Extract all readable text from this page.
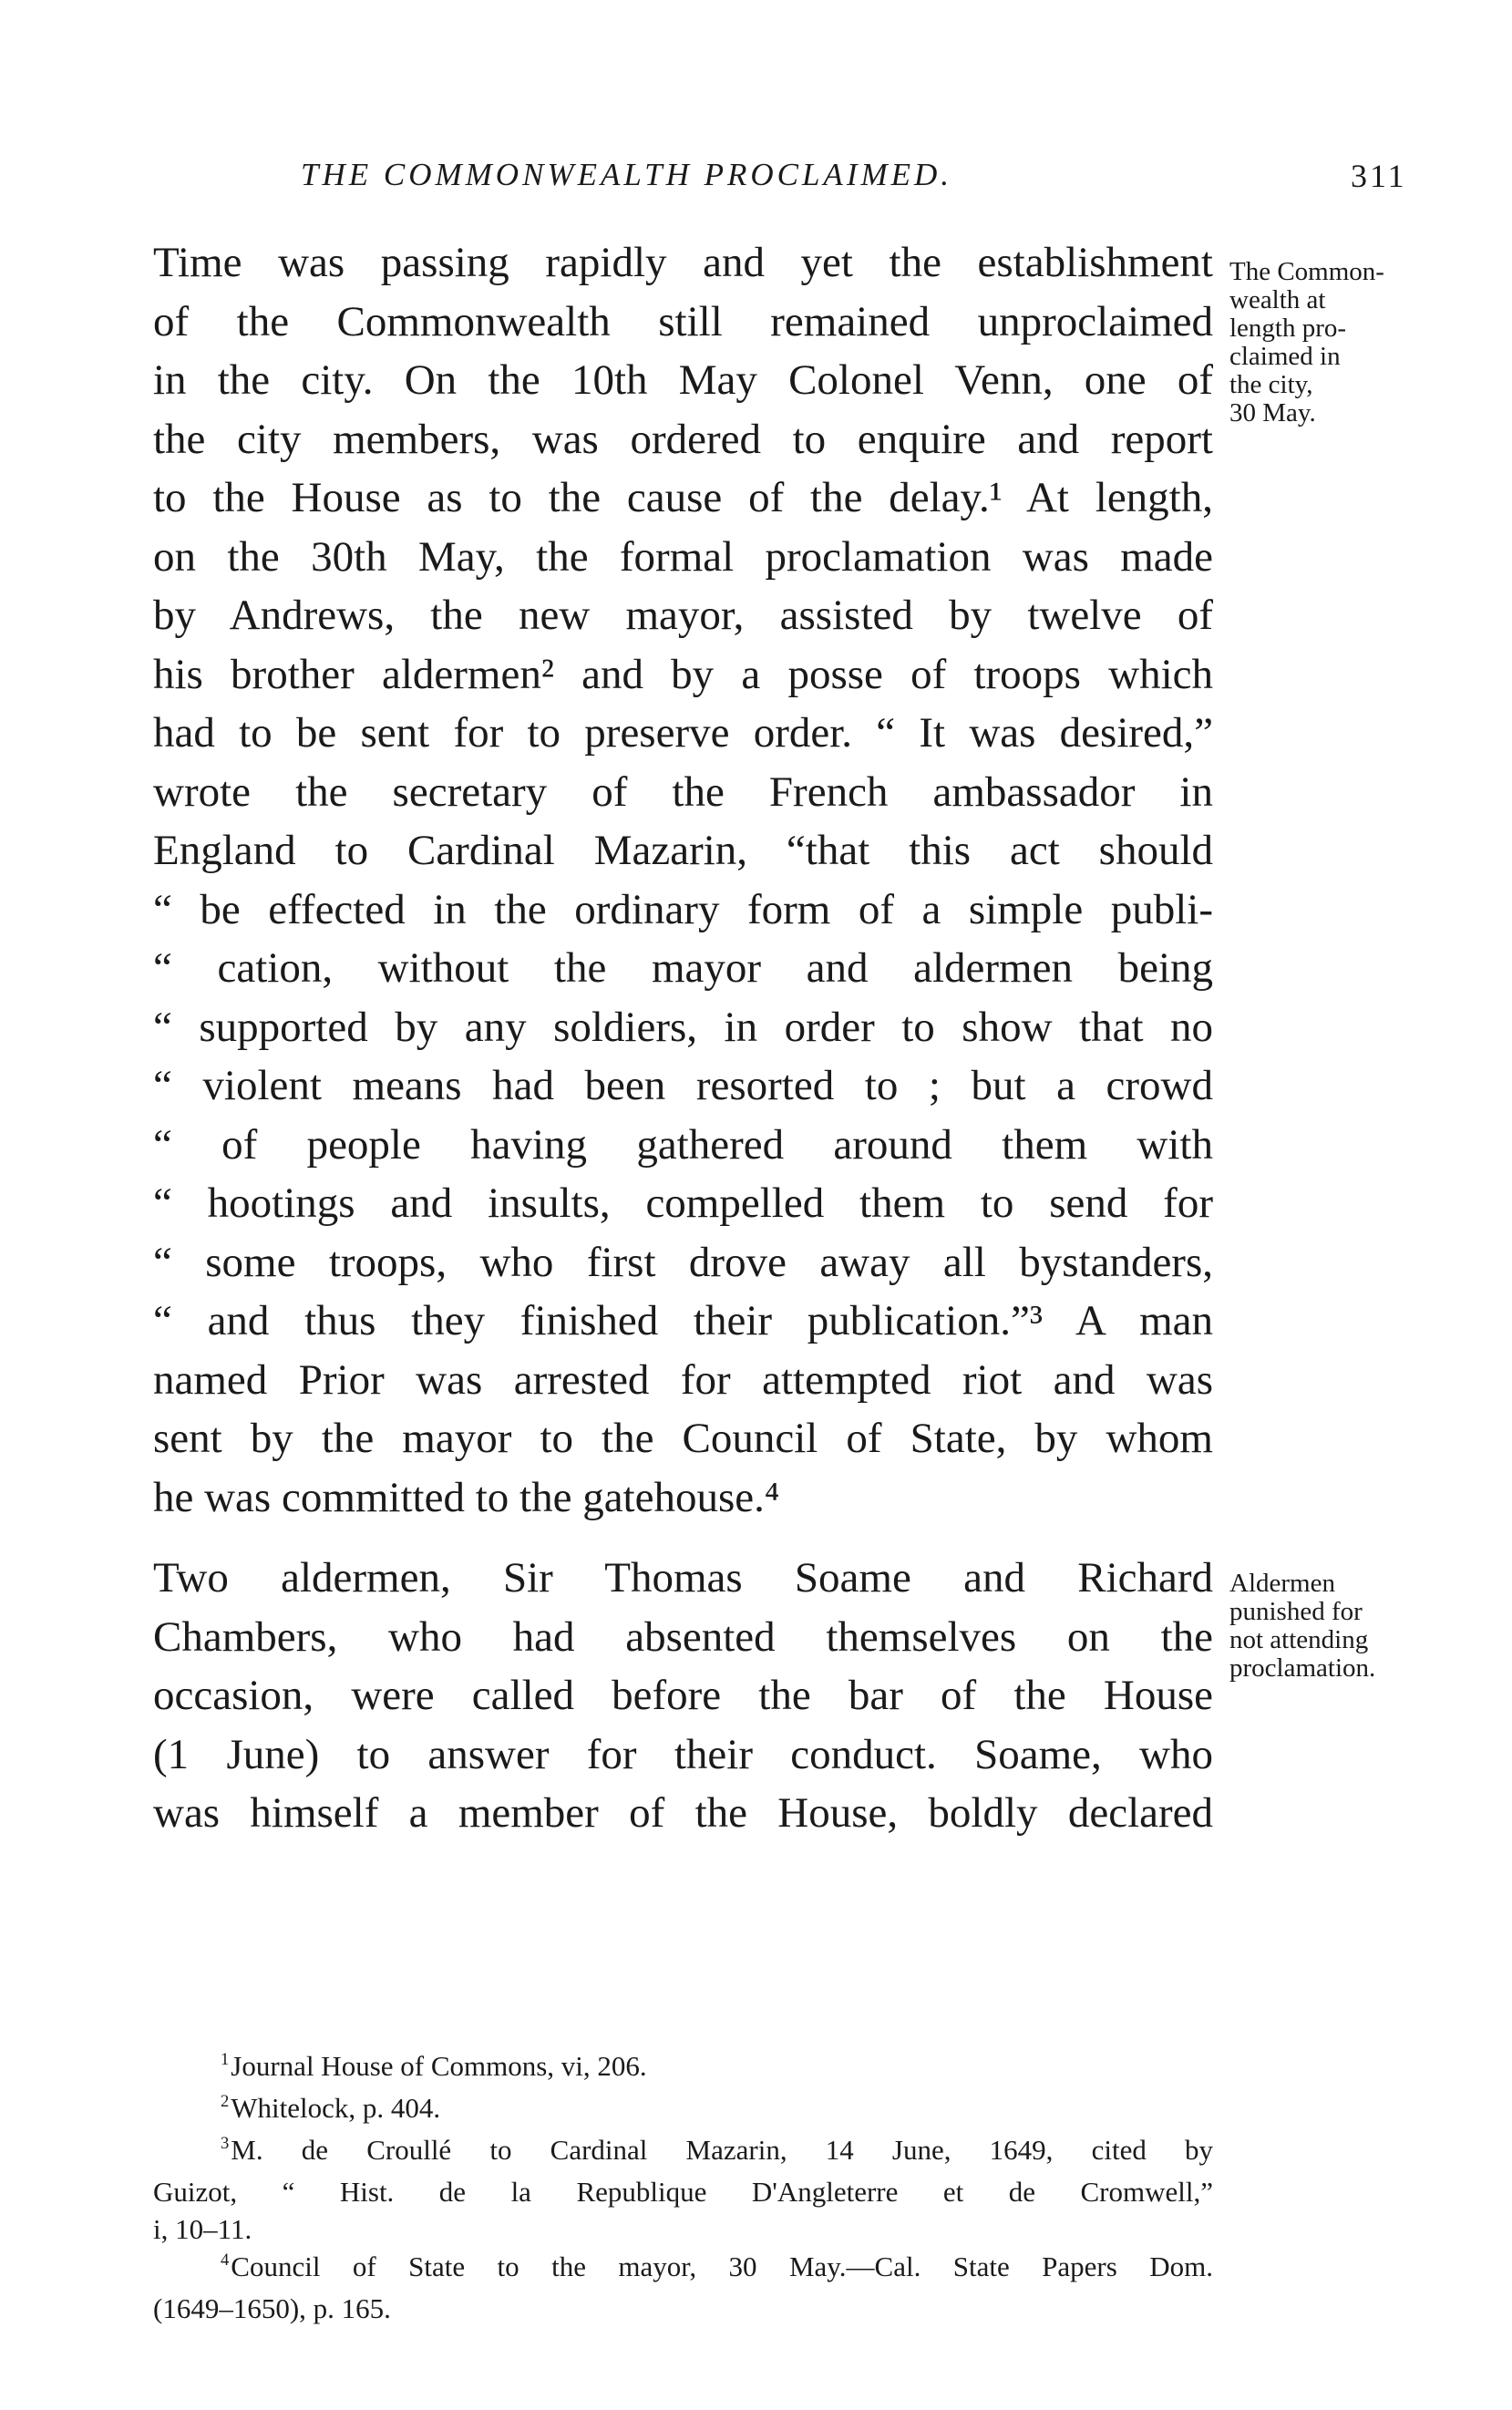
THE COMMONWEALTH PROCLAIMED.	311
Time was passing rapidly and yet the establishment
of the Commonwealth still remained unproclaimed
in the city. On the 10th May Colonel Venn, one of
the city members, was ordered to enquire and report
to the House as to the cause of the delay.¹ At length,
on the 30th May, the formal proclamation was made
by Andrews, the new mayor, assisted by twelve of
his brother aldermen² and by a posse of troops which
had to be sent for to preserve order. “ It was desired,”
wrote the secretary of the French ambassador in
England to Cardinal Mazarin, “that this act should
“ be effected in the ordinary form of a simple publi-
“ cation, without the mayor and aldermen being
“ supported by any soldiers, in order to show that no
“ violent means had been resorted to ; but a crowd
“ of people having gathered around them with
“ hootings and insults, compelled them to send for
“ some troops, who first drove away all bystanders,
“ and thus they finished their publication.”³ A man
named Prior was arrested for attempted riot and was
sent by the mayor to the Council of State, by whom
he was committed to the gatehouse.⁴
The Common-
wealth at
length pro-
claimed in
the city,
30 May.
Two aldermen, Sir Thomas Soame and Richard
Chambers, who had absented themselves on the
occasion, were called before the bar of the House
(1 June) to answer for their conduct. Soame, who
was himself a member of the House, boldly declared
Aldermen
punished for
not attending
proclamation.
$^1$Journal House of Commons, vi, 206.
$^2$Whitelock, p. 404.
$^3$M. de Croullé to Cardinal Mazarin, 14 June, 1649, cited by
Guizot, “ Hist. de la Republique D'Angleterre et de Cromwell,”
i, 10–11.
$^4$Council of State to the mayor, 30 May.—Cal. State Papers Dom.
(1649–1650), p. 165.
